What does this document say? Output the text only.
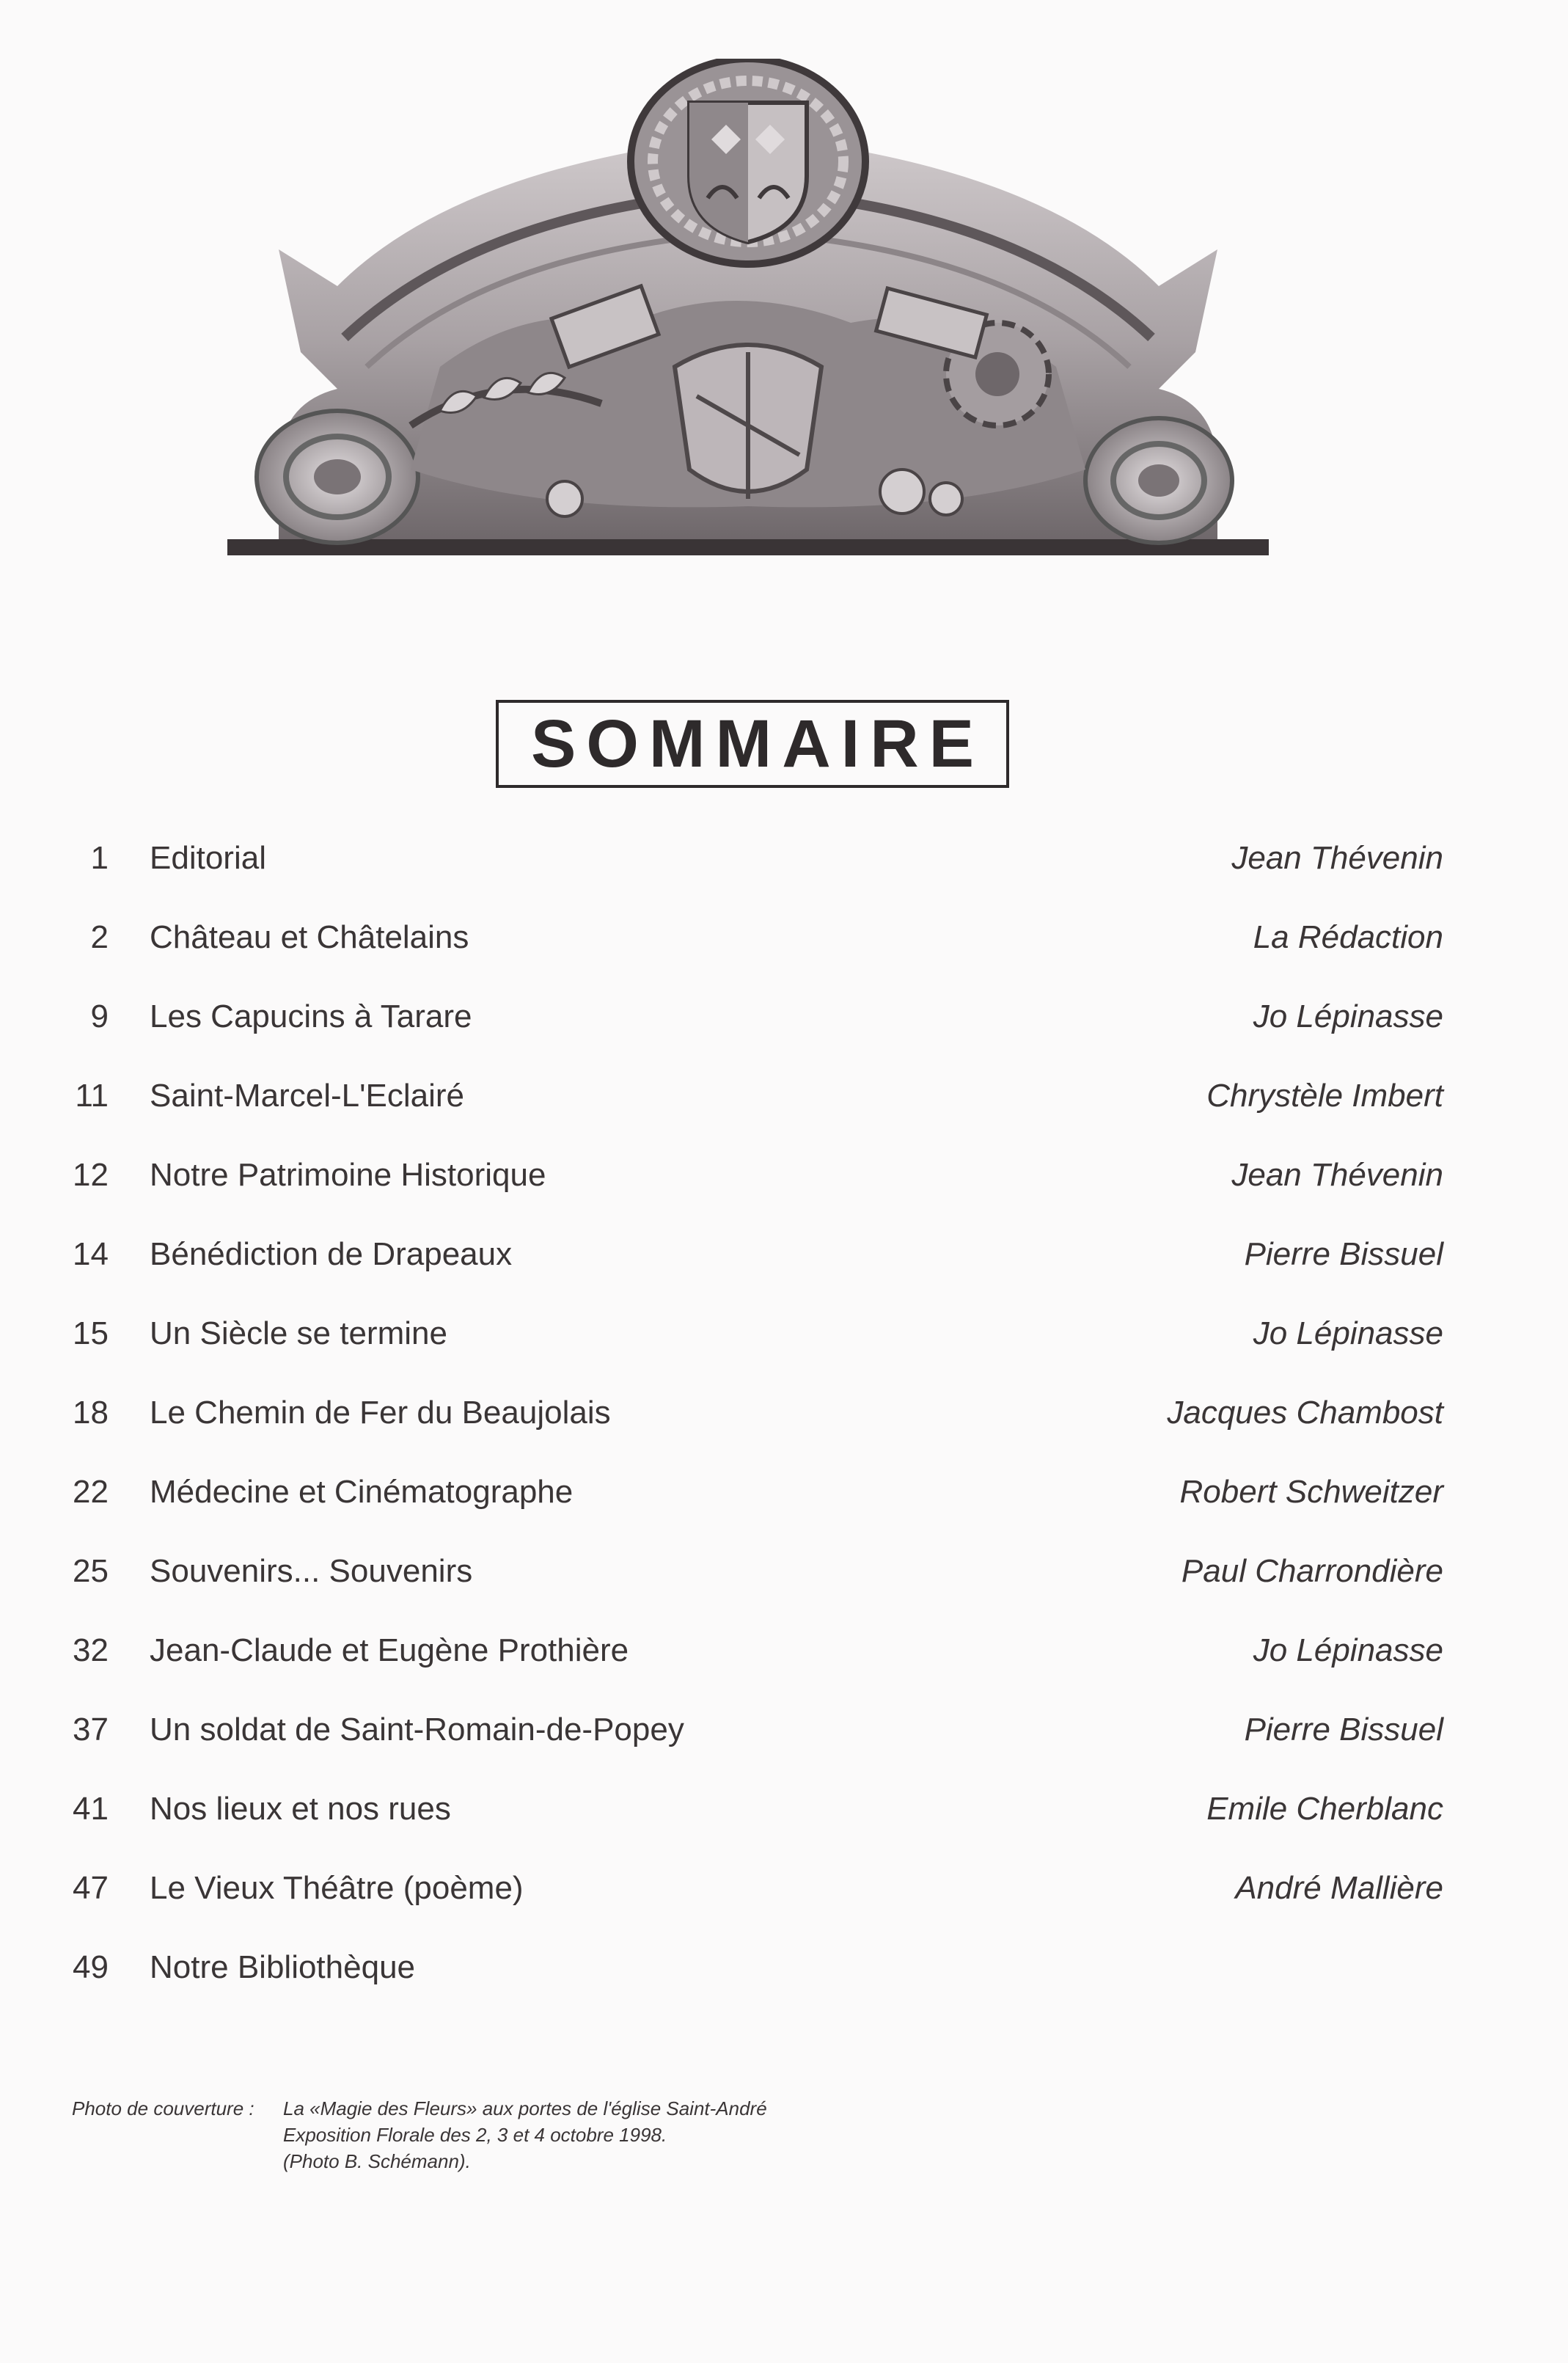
SOMMAIRE
1 Editorial	Jean Thévenin
2 Château et Châtelains	La Rédaction
9 Les Capucins à Tarare	Jo Lépinasse
11 Saint-Marcel-L'Eclairé	Chrystèle Imbert
12 Notre Patrimoine Historique	Jean Thévenin
14 Bénédiction de Drapeaux	Pierre Bissuel
15 Un Siècle se termine	Jo Lépinasse
18 Le Chemin de Fer du Beaujolais	Jacques Chambost
22 Médecine et Cinématographe	Robert Schweitzer
25 Souvenirs... Souvenirs	Paul Charrondière
32 Jean-Claude et Eugène Prothière	Jo Lépinasse
37 Un soldat de Saint-Romain-de-Popey	Pierre Bissuel
41 Nos lieux et nos rues	Emile Cherblanc
47 Le Vieux Théâtre (poème)	André Mallière
49 Notre Bibliothèque
Photo de couverture : La «Magie des Fleurs» aux portes de l'église Saint-André
Exposition Florale des 2, 3 et 4 octobre 1998.
(Photo B. Schémann).
